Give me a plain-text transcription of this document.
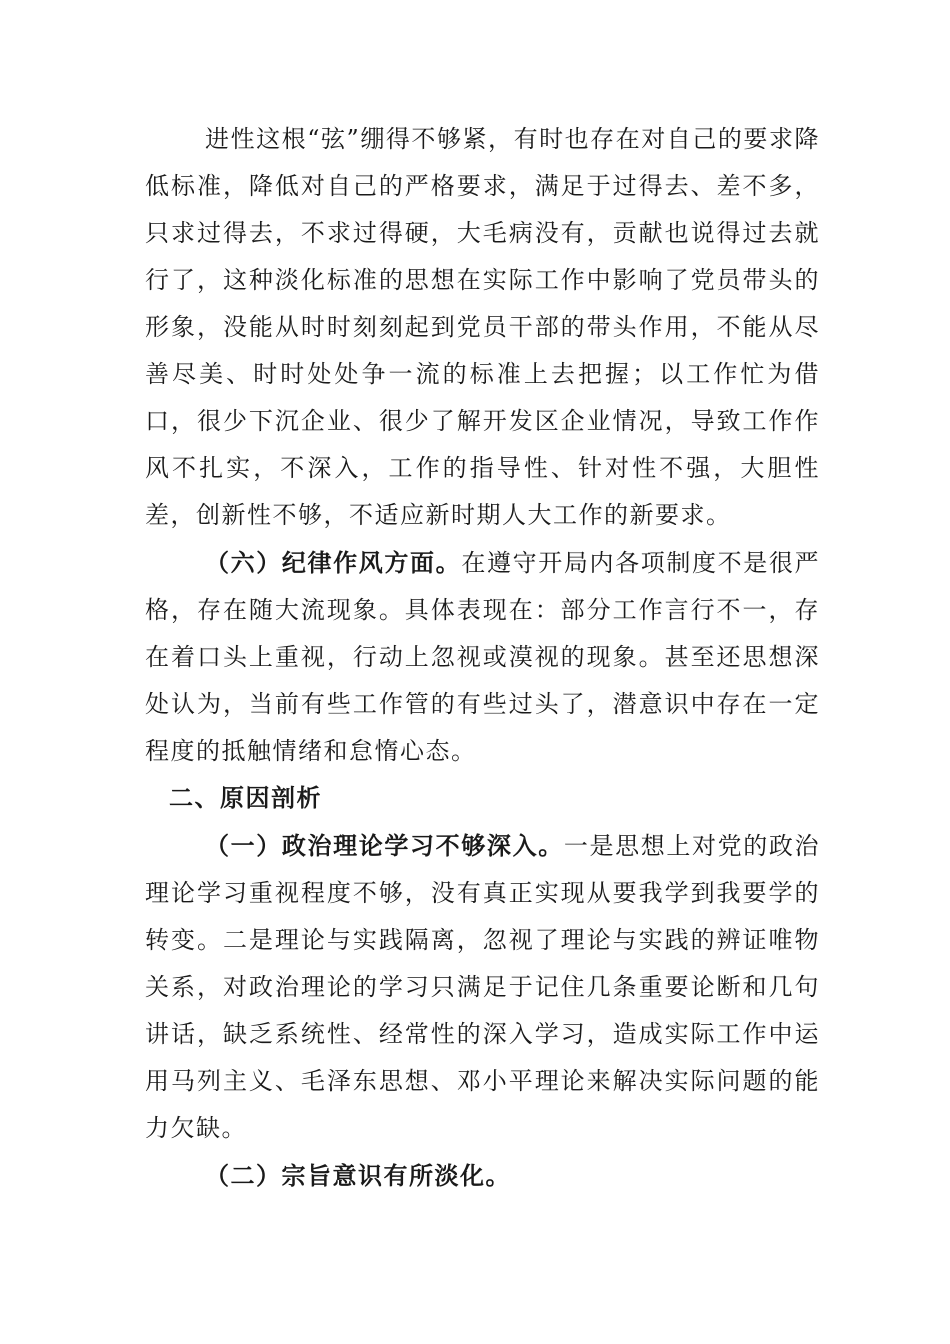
进性这根“弦”绷得不够紧，有时也存在对自己的要求降低标准，降低对自己的严格要求，满足于过得去、差不多，只求过得去，不求过得硬，大毛病没有，贡献也说得过去就行了，这种淡化标准的思想在实际工作中影响了党员带头的形象，没能从时时刻刻起到党员干部的带头作用，不能从尽善尽美、时时处处争一流的标准上去把握；以工作忙为借口，很少下沉企业、很少了解开发区企业情况，导致工作作风不扎实，不深入，工作的指导性、针对性不强，大胆性差，创新性不够，不适应新时期人大工作的新要求。

（六）纪律作风方面。在遵守开局内各项制度不是很严格，存在随大流现象。具体表现在：部分工作言行不一，存在着口头上重视，行动上忽视或漠视的现象。甚至还思想深处认为，当前有些工作管的有些过头了，潜意识中存在一定程度的抵触情绪和怠惰心态。

二、原因剖析

（一）政治理论学习不够深入。一是思想上对党的政治理论学习重视程度不够，没有真正实现从要我学到我要学的转变。二是理论与实践隔离，忽视了理论与实践的辨证唯物关系，对政治理论的学习只满足于记住几条重要论断和几句讲话，缺乏系统性、经常性的深入学习，造成实际工作中运用马列主义、毛泽东思想、邓小平理论来解决实际问题的能力欠缺。

（二）宗旨意识有所淡化。
